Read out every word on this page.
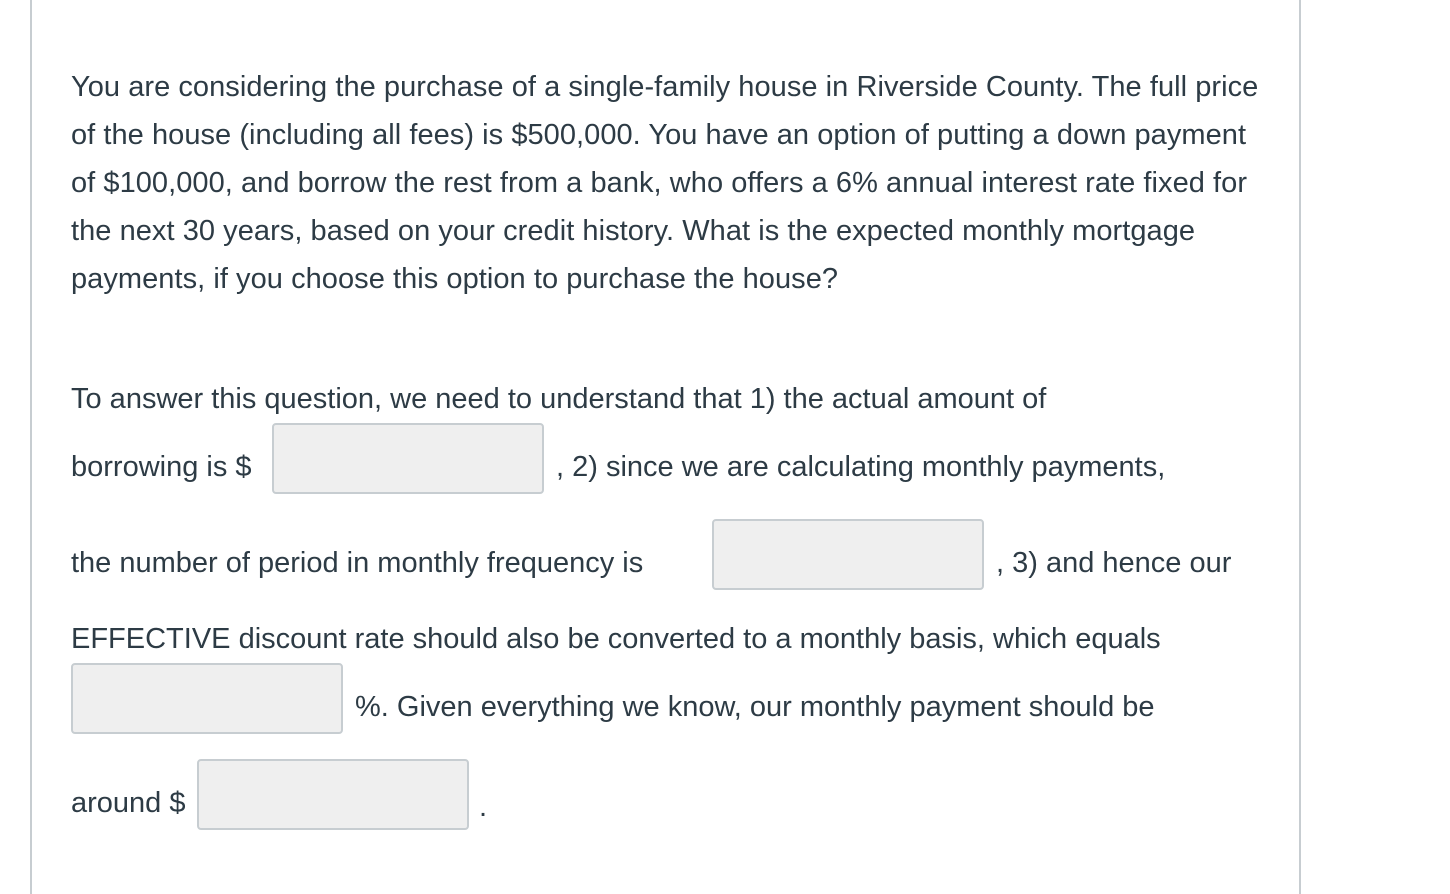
You are considering the purchase of a single-family house in Riverside County. The full price of the house (including all fees) is $500,000. You have an option of putting a down payment of $100,000, and borrow the rest from a bank, who offers a 6% annual interest rate fixed for the next 30 years, based on your credit history. What is the expected monthly mortgage payments, if you choose this option to purchase the house?

To answer this question, we need to understand that 1) the actual amount of
borrowing is $	, 2) since we are calculating monthly payments,
the number of period in monthly frequency is	, 3) and hence our
EFFECTIVE discount rate should also be converted to a monthly basis, which equals
%. Given everything we know, our monthly payment should be
around $	.
